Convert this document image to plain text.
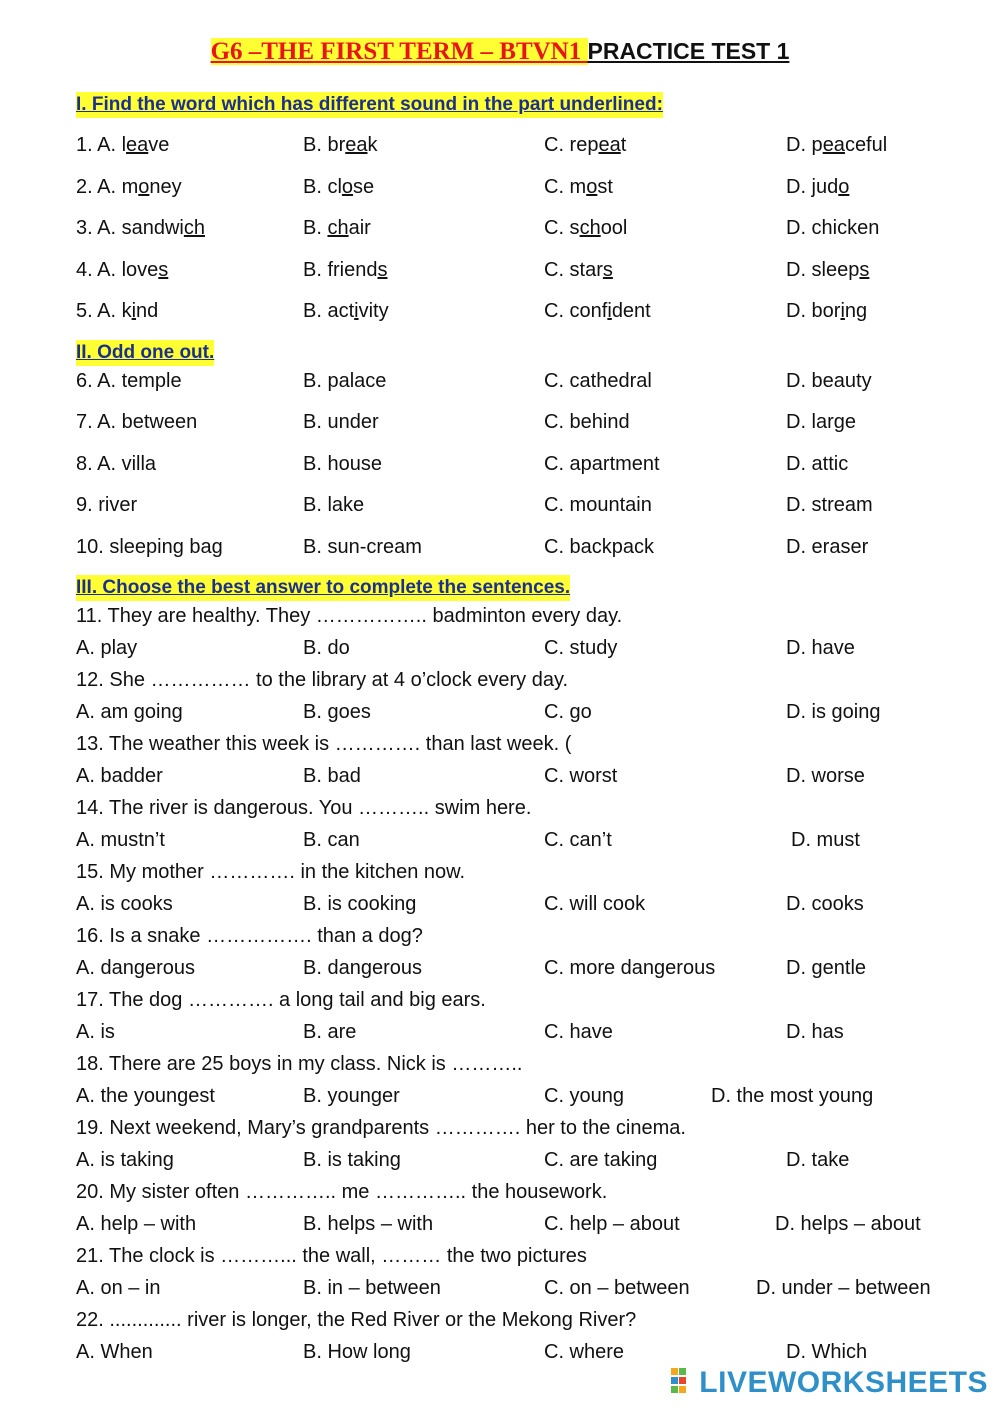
G6 –THE FIRST TERM – BTVN1 PRACTICE TEST 1
I. Find the word which has different sound in the part underlined:
1. A. leave	B. break	C. repeat	D. peaceful
2. A. money	B. close	C. most	D. judo
3. A. sandwich	B. chair	C. school	D. chicken
4. A. loves	B. friends	C. stars	D. sleeps
5. A. kind	B. activity	C. confident	D. boring
II. Odd one out.
6. A. temple	B. palace	C. cathedral	D. beauty
7. A. between	B. under	C. behind	D. large
8. A. villa	B. house	C. apartment	D. attic
9. river	B. lake	C. mountain	D. stream
10. sleeping bag	B. sun-cream	C. backpack	D. eraser
III. Choose the best answer to complete the sentences.
11. They are healthy. They …………….. badminton every day.
A. play	B. do	C. study	D. have
12. She …………… to the library at 4 o’clock every day.
A. am going	B. goes	C. go	D. is going
13. The weather this week is …………. than last week. (
A. badder	B. bad	C. worst	D. worse
14. The river is dangerous. You ……….. swim here.
A. mustn’t	B. can	C. can’t	D. must
15. My mother …………. in the kitchen now.
A. is cooks	B. is cooking	C. will cook	D. cooks
16. Is a snake ……………. than a dog?
A. dangerous	B. dangerous	C. more dangerous	D. gentle
17. The dog …………. a long tail and big ears.
A. is	B. are	C. have	D. has
18. There are 25 boys in my class. Nick is ………..
A. the youngest	B. younger	C. young	D. the most young
19. Next weekend, Mary’s grandparents …………. her to the cinema.
A. is taking	B. is taking	C. are taking	D. take
20. My sister often ………….. me ………….. the housework.
A. help – with	B. helps – with	C. help – about	D. helps – about
21. The clock is ………... the wall, ……… the two pictures
A. on – in	B. in – between	C. on – between	D. under – between
22. ............. river is longer, the Red River or the Mekong River?
A. When	B. How long	C. where	D. Which
LIVEWORKSHEETS
